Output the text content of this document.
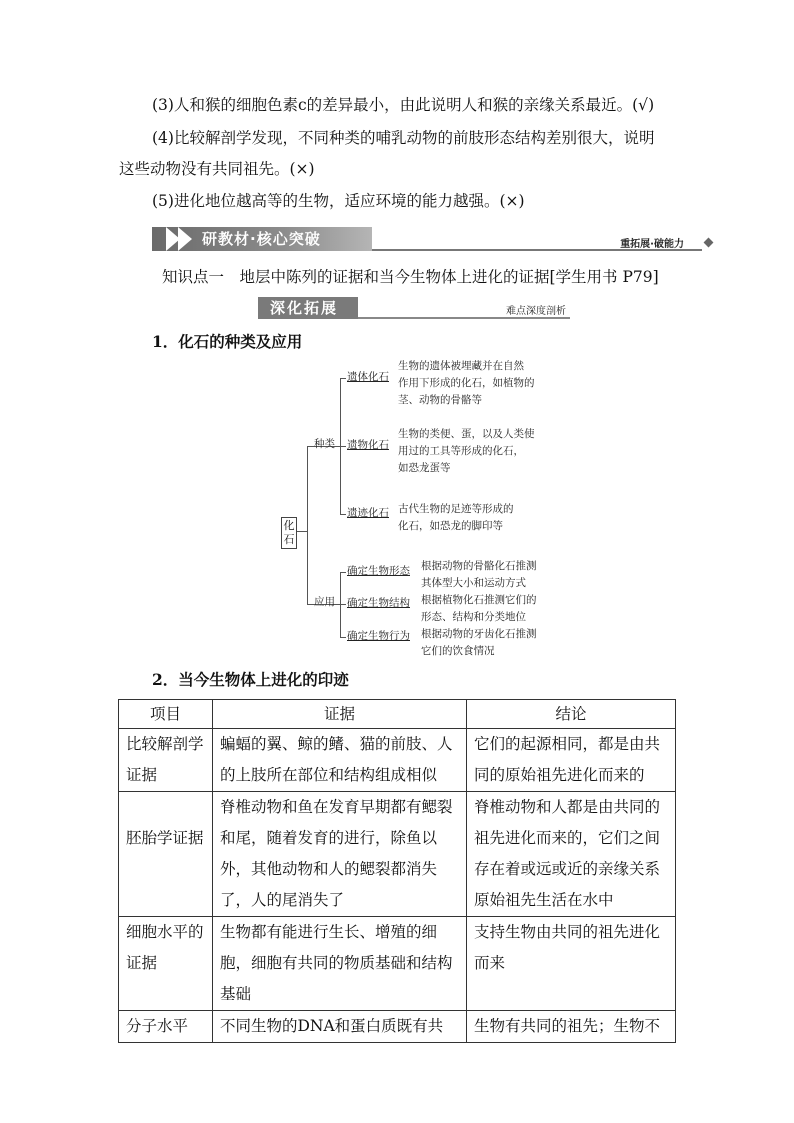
(3)人和猴的细胞色素c的差异最小，由此说明人和猴的亲缘关系最近。(√)
(4)比较解剖学发现，不同种类的哺乳动物的前肢形态结构差别很大，说明
这些动物没有共同祖先。(×)
(5)进化地位越高等的生物，适应环境的能力越强。(×)
研教材·核心突破	重拓展·破能力
知识点一　地层中陈列的证据和当今生物体上进化的证据[学生用书 P79]
深化拓展	难点深度剖析
1．化石的种类及应用
化石
种类
应用
遗体化石
生物的遗体被埋藏并在自然
作用下形成的化石，如植物的
茎、动物的骨骼等
遗物化石
生物的类便、蛋，以及人类使
用过的工具等形成的化石，
如恐龙蛋等
遗迹化石 古代生物的足迹等形成的
化石，如恐龙的脚印等
确定生物形态 根据动物的骨骼化石推测
其体型大小和运动方式
确定生物结构 根据植物化石推测它们的
形态、结构和分类地位
确定生物行为 根据动物的牙齿化石推测
它们的饮食情况
2．当今生物体上进化的印迹
项目	证据	结论
比较解剖学证据	蝙蝠的翼、鲸的鳍、猫的前肢、人的上肢所在部位和结构组成相似	它们的起源相同，都是由共同的原始祖先进化而来的
胚胎学证据	脊椎动物和鱼在发育早期都有鳃裂和尾，随着发育的进行，除鱼以外，其他动物和人的鳃裂都消失了，人的尾消失了	脊椎动物和人都是由共同的祖先进化而来的，它们之间存在着或远或近的亲缘关系原始祖先生活在水中
细胞水平的证据	生物都有能进行生长、增殖的细胞，细胞有共同的物质基础和结构基础	支持生物由共同的祖先进化而来
分子水平	不同生物的DNA和蛋白质既有共	生物有共同的祖先；生物不
